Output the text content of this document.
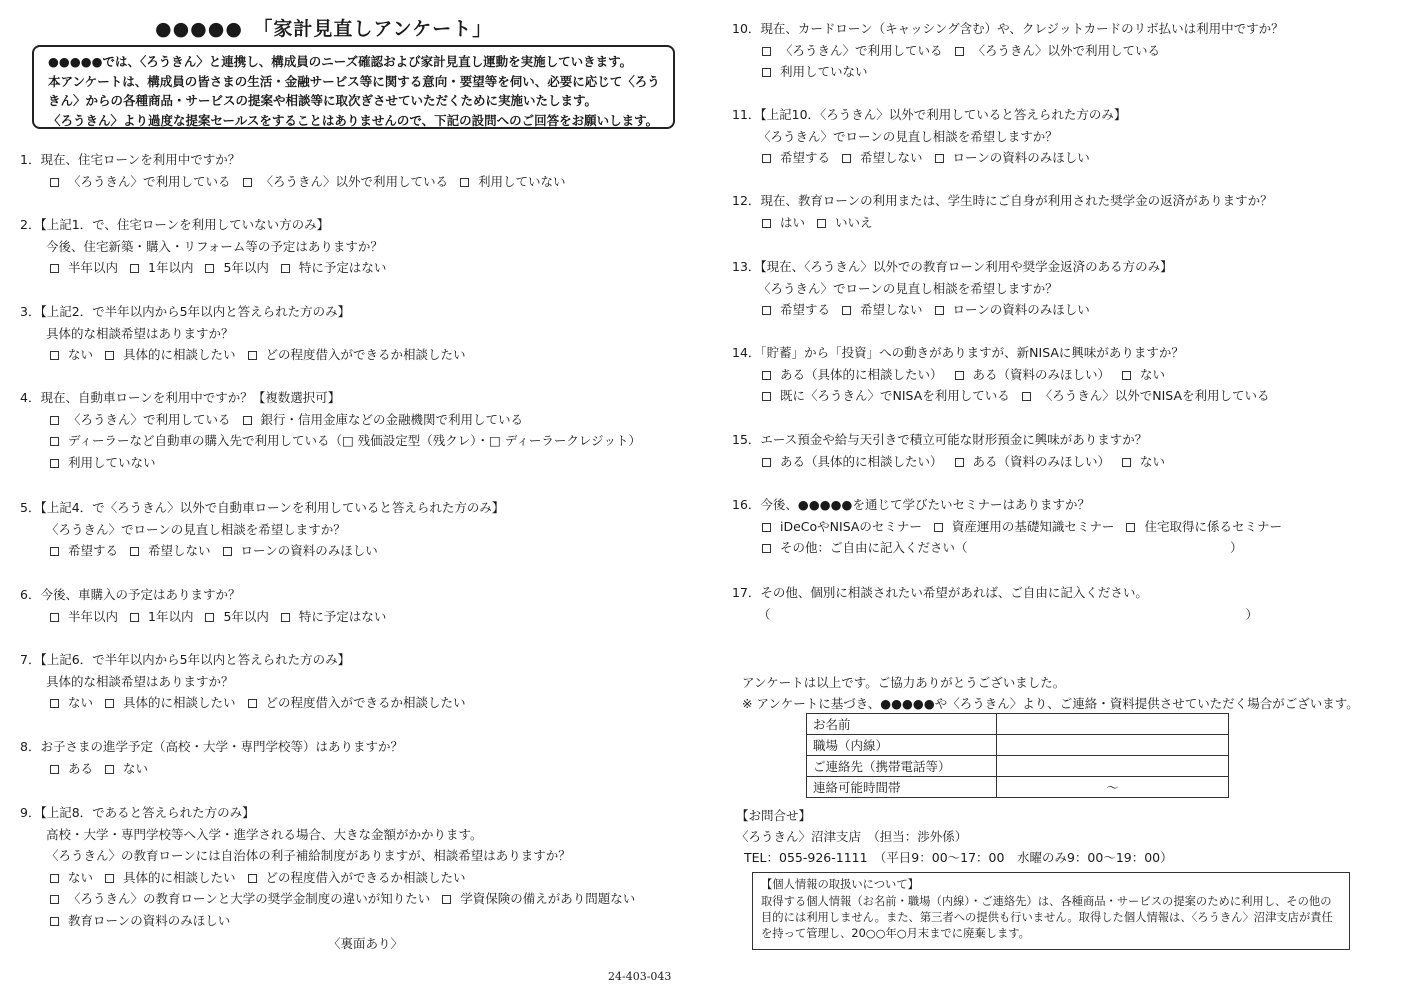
●●●●●　「家計見直しアンケート」
●●●●●では、〈ろうきん〉と連携し、構成員のニーズ確認および家計見直し運動を実施していきます。
本アンケートは、構成員の皆さまの生活・金融サービス等に関する意向・要望等を伺い、必要に応じて〈ろう
きん〉からの各種商品・サービスの提案や相談等に取次ぎさせていただくために実施いたします。
〈ろうきん〉より過度な提案セールスをすることはありませんので、下記の設問へのご回答をお願いします。
1．現在、住宅ローンを利用中ですか？
〈ろうきん〉で利用している 〈ろうきん〉以外で利用している 利用していない
2．【上記1．で、住宅ローンを利用していない方のみ】
今後、住宅新築・購入・リフォーム等の予定はありますか？
半年以内 1年以内 5年以内 特に予定はない
3．【上記2．で半年以内から5年以内と答えられた方のみ】
具体的な相談希望はありますか？
ない 具体的に相談したい どの程度借入ができるか相談したい
4．現在、自動車ローンを利用中ですか？【複数選択可】
〈ろうきん〉で利用している 銀行・信用金庫などの金融機関で利用している
ディーラーなど自動車の購入先で利用している（□ 残価設定型（残クレ）・□ ディーラークレジット）
利用していない
5．【上記4．で〈ろうきん〉以外で自動車ローンを利用していると答えられた方のみ】
〈ろうきん〉でローンの見直し相談を希望しますか？
希望する 希望しない ローンの資料のみほしい
6．今後、車購入の予定はありますか？
半年以内 1年以内 5年以内 特に予定はない
7．【上記6．で半年以内から5年以内と答えられた方のみ】
具体的な相談希望はありますか？
ない 具体的に相談したい どの程度借入ができるか相談したい
8．お子さまの進学予定（高校・大学・専門学校等）はありますか？
ある ない
9．【上記8．であると答えられた方のみ】
高校・大学・専門学校等へ入学・進学される場合、大きな金額がかかります。
〈ろうきん〉の教育ローンには自治体の利子補給制度がありますが、相談希望はありますか？
ない 具体的に相談したい どの程度借入ができるか相談したい
〈ろうきん〉の教育ローンと大学の奨学金制度の違いが知りたい 学資保険の備えがあり問題ない
教育ローンの資料のみほしい
〈裏面あり〉
24-403-043
10．現在、カードローン（キャッシング含む）や、クレジットカードのリボ払いは利用中ですか？
〈ろうきん〉で利用している 〈ろうきん〉以外で利用している
利用していない
11．【上記10．〈ろうきん〉以外で利用していると答えられた方のみ】
〈ろうきん〉でローンの見直し相談を希望しますか？
希望する 希望しない ローンの資料のみほしい
12．現在、教育ローンの利用または、学生時にご自身が利用された奨学金の返済がありますか？
はい いいえ
13．【現在、〈ろうきん〉以外での教育ローン利用や奨学金返済のある方のみ】
〈ろうきん〉でローンの見直し相談を希望しますか？
希望する 希望しない ローンの資料のみほしい
14．「貯蓄」から「投資」への動きがありますが、新NISAに興味がありますか？
ある（具体的に相談したい） ある（資料のみほしい） ない
既に〈ろうきん〉でNISAを利用している 〈ろうきん〉以外でNISAを利用している
15．エース預金や給与天引きで積立可能な財形預金に興味がありますか？
ある（具体的に相談したい） ある（資料のみほしい） ない
16．今後、●●●●●を通じて学びたいセミナーはありますか？
iDeCoやNISAのセミナー 資産運用の基礎知識セミナー 住宅取得に係るセミナー
その他：ご自由に記入ください（　　　　　　　　　　　　　　　　　　　　　）
17．その他、個別に相談されたい希望があれば、ご自由に記入ください。
（　　　　　　　　　　　　　　　　　　　　　　　　　　　　　　　　　　　　　　）
アンケートは以上です。ご協力ありがとうございました。
※ アンケートに基づき、●●●●●や〈ろうきん〉より、ご連絡・資料提供させていただく場合がございます。
お名前	
職場（内線）	
ご連絡先（携帯電話等）	
連絡可能時間帯	～
【お問合せ】
〈ろうきん〉沼津支店　（担当：渉外係）
TEL：055-926-1111　（平日9：00～17：00　水曜のみ9：00～19：00）
【個人情報の取扱いについて】
取得する個人情報（お名前・職場（内線）・ご連絡先）は、各種商品・サービスの提案のために利用し、その他の目的には利用しません。また、第三者への提供も行いません。取得した個人情報は、〈ろうきん〉沼津支店が責任を持って管理し、20○○年○月末までに廃棄します。
